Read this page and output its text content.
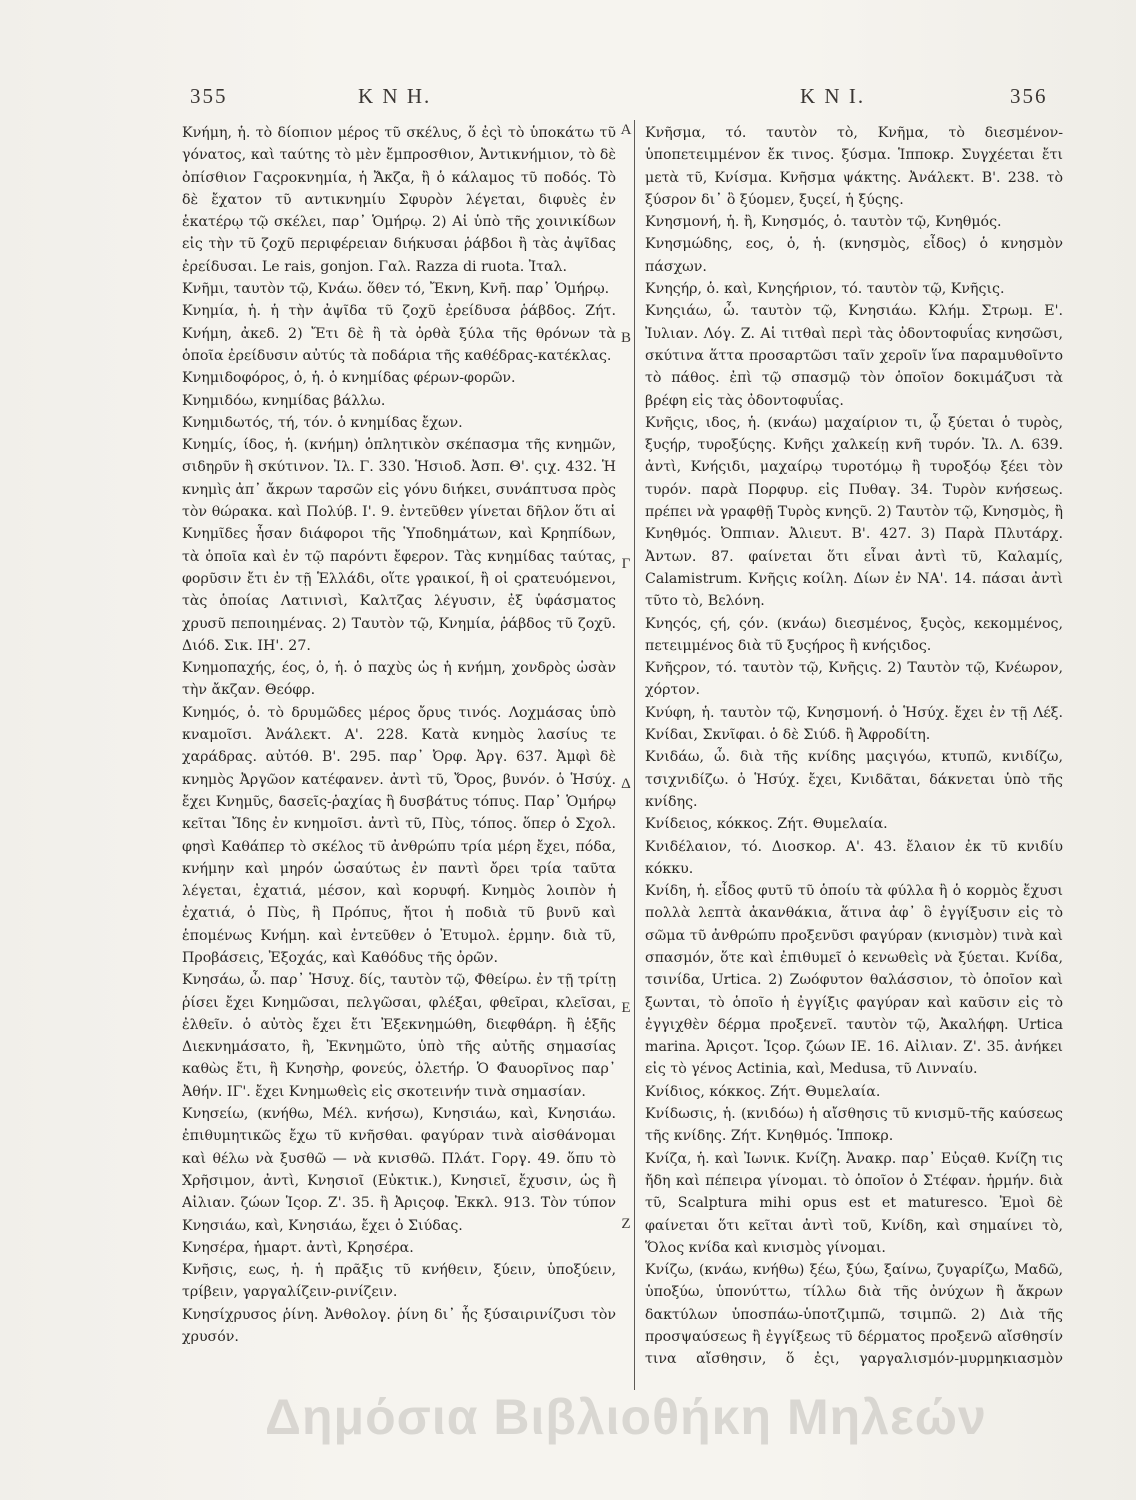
355	Κ Ν Η.	Κ Ν Ι.	356

Κνήμη, ἡ. τὸ δίοπιον μέρος τῦ σκέλυς, ὅ ἐςὶ τὸ ὑποκάτω τῦ γόνατος, καὶ ταύτης τὸ μὲν ἔμπροσθιον, Ἀντικνήμιον, τὸ δὲ ὀπίσθιον Γαςροκνημία, ἡ Ἄκζα, ἢ ὁ κάλαμος τῦ ποδός. Τὸ δὲ ἔχατον τῦ αντικνημίυ Σφυρὸν λέγεται, διφυὲς ἐν ἑκατέρῳ τῷ σκέλει, παρ᾿ Ὁμήρῳ. 2) Αἱ ὑπὸ τῆς χοινικίδων εἰς τὴν τῦ ζοχῦ περιφέρειαν διήκυσαι ῥάβδοι ἢ τὰς ἀψῖδας ἐρείδυσαι. Le rais, gonjon. Γαλ. Razza di ruota. Ἰταλ.

Κνῆμι, ταυτὸν τῷ, Κνάω. ὅθεν τό, Ἔκνη, Κνῆ. παρ᾿ Ὁμήρῳ.

Κνημία, ἡ. ἡ τὴν ἀψῖδα τῦ ζοχῦ ἐρείδυσα ῥάβδος. Ζήτ. Κνήμη, ἀκεδ. 2) Ἔτι δὲ ἢ τὰ ὀρθὰ ξύλα τῆς θρόνων τὰ ὁποῖα ἐρείδυσιν αὐτύς τὰ ποδάρια τῆς καθέδρας-κατέκλας.

Κνημιδοφόρος, ὁ, ἡ. ὁ κνημίδας φέρων-φορῶν.

Κνημιδόω, κνημίδας βάλλω.

Κνημιδωτός, τή, τόν. ὁ κνημίδας ἔχων.

Κνημίς, ίδος, ἡ. (κνήμη) ὁπλητικὸν σκέπασμα τῆς κνημῶν, σιδηρῦν ἢ σκύτινον. Ἰλ. Γ. 330. Ἡσιοδ. Ἀσπ. Θ'. ςιχ. 432. Ἡ κνημὶς ἀπ᾿ ἄκρων ταρσῶν εἰς γόνυ διήκει, συνάπτυσα πρὸς τὸν θώρακα. καὶ Πολύβ. Ι'. 9. ἐντεῦθεν γίνεται δῆλον ὅτι αἱ Κνημῖδες ἦσαν διάφοροι τῆς Ὑποδημάτων, καὶ Κρηπίδων, τὰ ὁποῖα καὶ ἐν τῷ παρόντι ἔφερον. Τὰς κνημίδας ταύτας, φορῦσιν ἔτι ἐν τῇ Ἑλλάδι, οἵτε γραικοί, ἢ οἱ ςρατευόμενοι, τὰς ὁποίας Λατινισὶ, Καλτζας λέγυσιν, ἐξ ὑφάσματος χρυσῦ πεποιημένας. 2) Ταυτὸν τῷ, Κνημία, ῥάβδος τῦ ζοχῦ. Διόδ. Σικ. ΙΗ'. 27.

Κνημοπαχής, έος, ὁ, ἡ. ὁ παχὺς ὡς ἡ κνήμη, χονδρὸς ὡσὰν τὴν ἄκζαν. Θεόφρ.

Κνημός, ὁ. τὸ δρυμῶδες μέρος ὄρυς τινός. Λοχμάσας ὑπὸ κναμοῖσι. Ἀνάλεκτ. Α'. 228. Κατὰ κνημὸς λασίυς τε χαράδρας. αὐτόθ. Β'. 295. παρ᾿ Ὀρφ. Ἀργ. 637. Ἀμφὶ δὲ κνημὸς Ἀργῶον κατέφανεν. ἀντὶ τῦ, Ὄρος, βυνόν. ὁ Ἡσύχ. ἔχει Κνημῦς, δασεῖς-ῥαχίας ἢ δυσβάτυς τόπυς. Παρ᾿ Ὁμήρῳ κεῖται Ἴδης ἐν κνημοῖσι. ἀντὶ τῦ, Πὺς, τόπος. ὅπερ ὁ Σχολ. φησὶ Καθάπερ τὸ σκέλος τῦ ἀνθρώπυ τρία μέρη ἔχει, πόδα, κνήμην καὶ μηρόν ὡσαύτως ἐν παντὶ ὄρει τρία ταῦτα λέγεται, ἐχατιά, μέσον, καὶ κορυφή. Κνημὸς λοιπὸν ἡ ἐχατιά, ὁ Πὺς, ἢ Πρόπυς, ἤτοι ἡ ποδιὰ τῦ βυνῦ καὶ ἑπομένως Κνήμη. καὶ ἐντεῦθεν ὁ Ἐτυμολ. ἑρμην. διὰ τῦ, Προβάσεις, Ἐξοχάς, καὶ Καθόδυς τῆς ὀρῶν.

Κνησάω, ὦ. παρ᾿ Ἡσυχ. δίς, ταυτὸν τῷ, Φθείρω. ἐν τῇ τρίτῃ ῥίσει ἔχει Κνημῶσαι, πελγῶσαι, φλέξαι, φθεῖραι, κλεῖσαι, ἐλθεῖν. ὁ αὐτὸς ἔχει ἔτι Ἐξεκνημώθη, διεφθάρη. ἢ ἑξῆς Διεκνημάσατο, ἢ, Ἐκνημῶτο, ὑπὸ τῆς αὐτῆς σημασίας καθὼς ἔτι, ἢ Κνησὴρ, φονεύς, ὀλετήρ. Ὁ Φαυορῖνος παρ᾿ Ἀθήν. ΙΓ'. ἔχει Κνημωθεὶς εἰς σκοτεινήν τινὰ σημασίαν.

Κνησείω, (κνήθω, Μέλ. κνήσω), Κνησιάω, καὶ, Κνησιάω. ἐπιθυμητικῶς ἔχω τῦ κνῆσθαι. φαγύραν τινὰ αἰσθάνομαι καὶ θέλω νὰ ξυσθῶ — νὰ κνισθῶ. Πλάτ. Γοργ. 49. ὅπυ τὸ Χρῆσιμον, ἀντὶ, Κνησιοῖ (Εὐκτικ.), Κνησιεῖ, ἔχυσιν, ὡς ἢ Αἰλιαν. ζώων Ἱςορ. Ζ'. 35. ἢ Ἀριςοφ. Ἐκκλ. 913. Τὸν τύπον Κνησιάω, καὶ, Κνησιάω, ἔχει ὁ Σιύδας.

Κνησέρα, ἡμαρτ. ἀντὶ, Κρησέρα.

Κνῆσις, εως, ἡ. ἡ πρᾶξις τῦ κνήθειν, ξύειν, ὑποξύειν, τρίβειν, γαργαλίζειν-ρινίζειν.

Κνησίχρυσος ῥίνη. Ἀνθολογ. ῥίνη δι᾿ ἧς ξύσαιρινίζυσι τὸν χρυσόν.

Α
Β
Γ
Δ
Ε
Ζ

Κνῆσμα, τό. ταυτὸν τὸ, Κνῆμα, τὸ διεσμένον-ὑποπετειμμένον ἔκ τινος. ξύσμα. Ἱπποκρ. Συγχέεται ἔτι μετὰ τῦ, Κνίσμα. Κνῆσμα ψάκτης. Ἀνάλεκτ. Β'. 238. τὸ ξύσρον δι᾿ ὃ ξύομεν, ξυςεί, ἡ ξύςης.

Κνησμονή, ἡ. ἢ, Κνησμός, ὁ. ταυτὸν τῷ, Κνηθμός.

Κνησμώδης, εος, ὁ, ἡ. (κνησμὸς, εἶδος) ὁ κνησμὸν πάσχων.

Κνηςήρ, ὁ. καὶ, Κνηςήριον, τό. ταυτὸν τῷ, Κνῆςις.

Κνηςιάω, ὦ. ταυτὸν τῷ, Κνησιάω. Κλήμ. Στρωμ. Ε'. Ἰυλιαν. Λόγ. Ζ. Αἱ τιτθαὶ περὶ τὰς ὀδοντοφυΐας κνησῶσι, σκύτινα ἅττα προσαρτῶσι ταῖν χεροῖν ἵνα παραμυθοῖντο τὸ πάθος. ἐπὶ τῷ σπασμῷ τὸν ὁποῖον δοκιμάζυσι τὰ βρέφη εἰς τὰς ὀδοντοφυΐας.

Κνῆςις, ιδος, ἡ. (κνάω) μαχαίριον τι, ᾧ ξύεται ὁ τυρὸς, ξυςήρ, τυροξύςης. Κνῆςι χαλκείῃ κνῆ τυρόν. Ἰλ. Λ. 639. ἀντὶ, Κνήςιδι, μαχαίρῳ τυροτόμῳ ἢ τυροξόῳ ξέει τὸν τυρόν. παρὰ Πορφυρ. εἰς Πυθαγ. 34. Τυρὸν κνήσεως. πρέπει νὰ γραφθῇ Τυρὸς κνηςῦ. 2) Ταυτὸν τῷ, Κνησμὸς, ἢ Κνηθμός. Ὀππιαν. Ἀλιευτ. Β'. 427. 3) Παρὰ Πλυτάρχ. Ἀντων. 87. φαίνεται ὅτι εἶναι ἀντὶ τῦ, Καλαμίς, Calamistrum. Κνῆςις κοίλη. Δίων ἐν ΝΑ'. 14. πάσαι ἀντὶ τῦτο τὸ, Βελόνη.

Κνηςός, ςή, ςόν. (κνάω) διεσμένος, ξυςὸς, κεκομμένος, πετειμμένος διὰ τῦ ξυςήρος ἢ κνήςιδος.

Κνῆςρον, τό. ταυτὸν τῷ, Κνῆςις. 2) Ταυτὸν τῷ, Κνέωρον, χόρτον.

Κνύφη, ἡ. ταυτὸν τῷ, Κνησμονή. ὁ Ἡσύχ. ἔχει ἐν τῇ Λέξ. Κνίδαι, Σκνῖφαι. ὁ δὲ Σιύδ. ἢ Ἀφροδίτη.

Κνιδάω, ὦ. διὰ τῆς κνίδης μαςιγόω, κτυπῶ, κνιδίζω, τσιχνιδίζω. ὁ Ἡσύχ. ἔχει, Κνιδᾶται, δάκνεται ὑπὸ τῆς κνίδης.

Κνίδειος, κόκκος. Ζήτ. Θυμελαία.

Κνιδέλαιον, τό. Διοσκορ. Α'. 43. ἔλαιον ἐκ τῦ κνιδίυ κόκκυ.

Κνίδη, ἡ. εἶδος φυτῦ τῦ ὁποίυ τὰ φύλλα ἢ ὁ κορμὸς ἔχυσι πολλὰ λεπτὰ ἀκανθάκια, ἅτινα ἀφ᾿ ὃ ἐγγίξυσιν εἰς τὸ σῶμα τῦ ἀνθρώπυ προξενῦσι φαγύραν (κνισμὸν) τινὰ καὶ σπασμόν, ὅτε καὶ ἐπιθυμεῖ ὁ κενωθεὶς νὰ ξύεται. Κνίδα, τσινίδα, Urtica. 2) Ζωόφυτον θαλάσσιον, τὸ ὁποῖον καὶ ξωνται, τὸ ὁποῖο ἡ ἐγγίξις φαγύραν καὶ καῦσιν εἰς τὸ ἐγγιχθὲν δέρμα προξενεῖ. ταυτὸν τῷ, Ἀκαλήφη. Urtica marina. Ἀριςοτ. Ἱςορ. ζώων ΙΕ. 16. Αἰλιαν. Ζ'. 35. ἀνήκει εἰς τὸ γένος Actinia, καὶ, Medusa, τῦ Λινναίυ.

Κνίδιος, κόκκος. Ζήτ. Θυμελαία.

Κνίδωσις, ἡ. (κνιδόω) ἡ αἴσθησις τῦ κνισμῦ-τῆς καύσεως τῆς κνίδης. Ζήτ. Κνηθμός. Ἱπποκρ.

Κνίζα, ἡ. καὶ Ἰωνικ. Κνίζη. Ἀνακρ. παρ᾿ Εὐςαθ. Κνίζη τις ἤδη καὶ πέπειρα γίνομαι. τὸ ὁποῖον ὁ Στέφαν. ἡρμήν. διὰ τῦ, Scalptura mihi opus est et maturesco. Ἐμοὶ δὲ φαίνεται ὅτι κεῖται ἀντὶ τοῦ, Κνίδη, καὶ σημαίνει τὸ, Ὅλος κνίδα καὶ κνισμὸς γίνομαι.

Κνίζω, (κνάω, κνήθω) ξέω, ξύω, ξαίνω, ζυγαρίζω, Μαδῶ, ὑποξύω, ὑπονύττω, τίλλω διὰ τῆς ὀνύχων ἢ ἄκρων δακτύλων ὑποσπάω-ὑποτζιμπῶ, τσιμπῶ. 2) Διὰ τῆς προσψαύσεως ἢ ἐγγίξεως τῦ δέρματος προξενῶ αἴσθησίν τινα αἴσθησιν, ὅ ἐςι, γαργαλισμόν-μυρμηκιασμὸν

Δημόσια Βιβλιοθήκη Μηλεών
